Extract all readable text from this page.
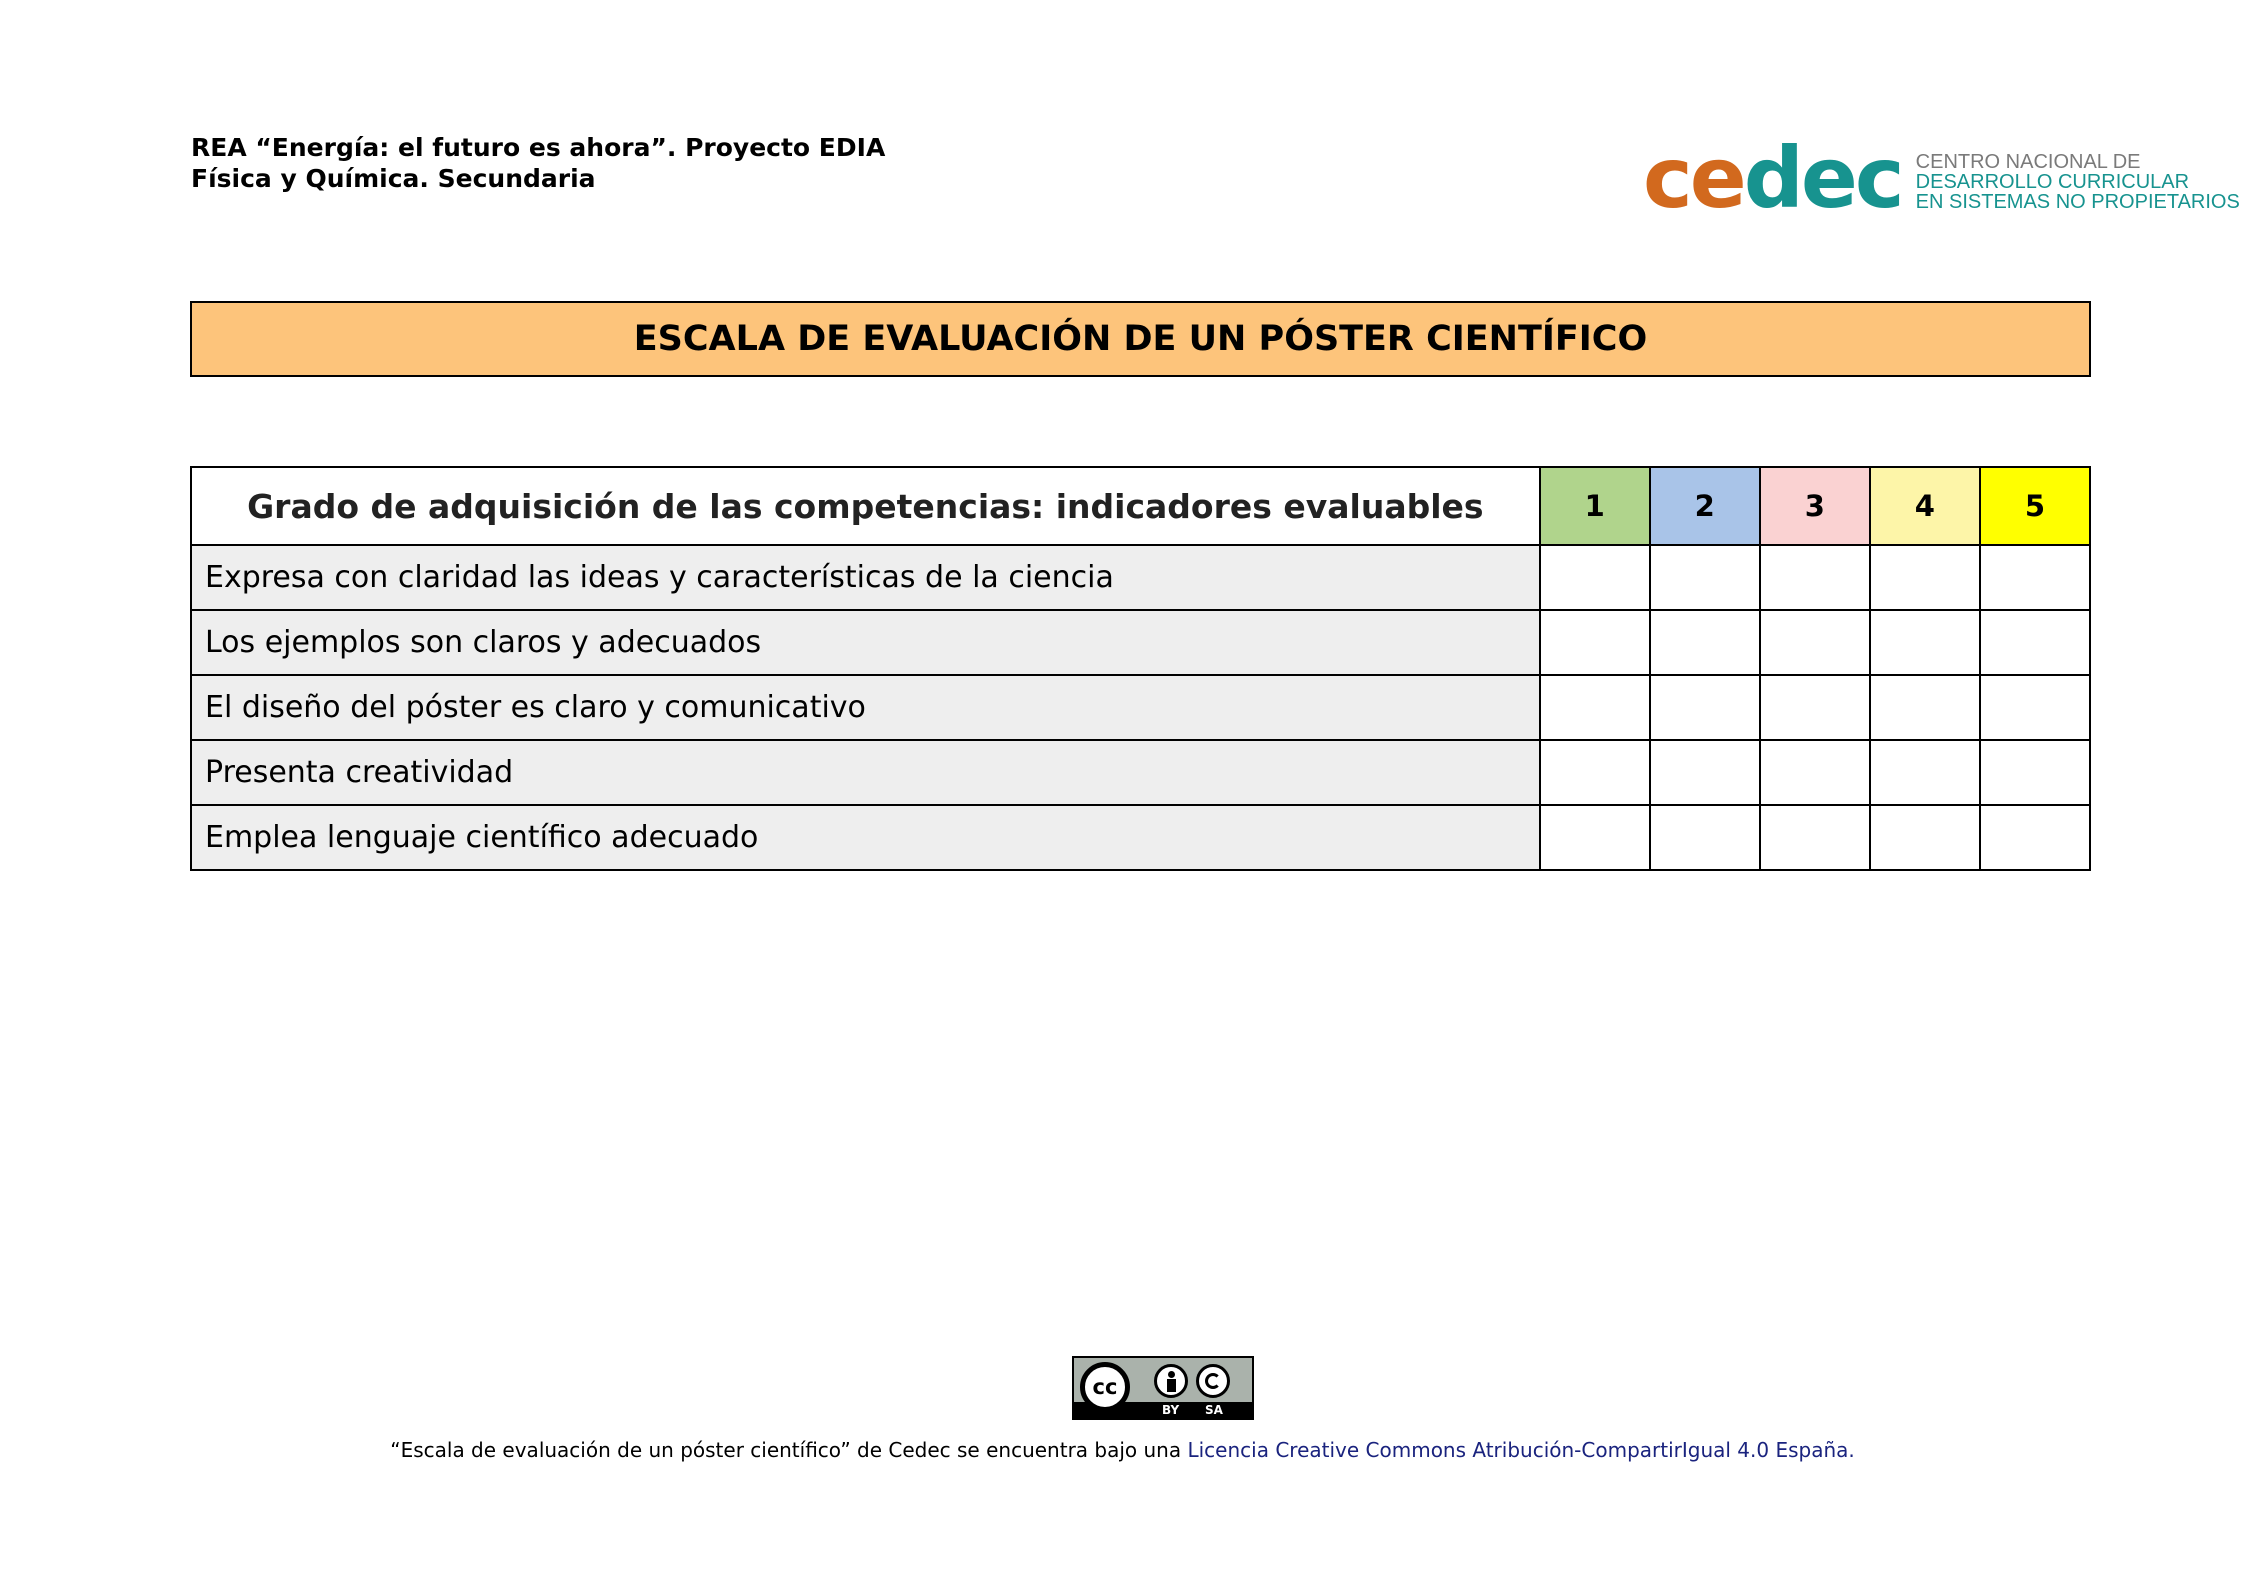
REA “Energía: el futuro es ahora”. Proyecto EDIA
Física y Química. Secundaria	cedec CENTRO NACIONAL DE
DESARROLLO CURRICULAR
EN SISTEMAS NO PROPIETARIOS
ESCALA DE EVALUACIÓN DE UN PÓSTER CIENTÍFICO
Grado de adquisición de las competencias: indicadores evaluables	1	2	3	4	5
Expresa con claridad las ideas y características de la ciencia					
Los ejemplos son claros y adecuados					
El diseño del póster es claro y comunicativo					
Presenta creatividad					
Emplea lenguaje científico adecuado					
cc
BY SA
“Escala de evaluación de un póster científico” de Cedec se encuentra bajo una Licencia Creative Commons Atribución-CompartirIgual 4.0 España.
